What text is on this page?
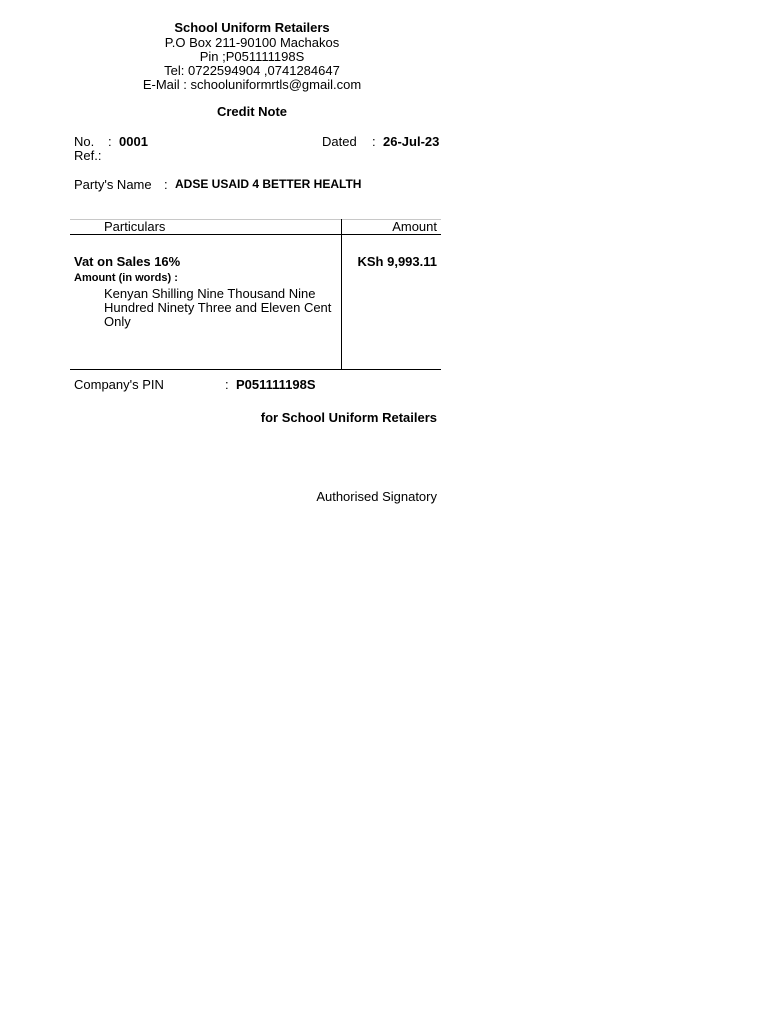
School Uniform Retailers
P.O Box 211-90100 Machakos
Pin ;P051111198S
Tel: 0722594904 ,0741284647
E-Mail : schooluniformrtls@gmail.com
Credit Note
No. : 0001
Ref.:
Dated : 26-Jul-23
Party's Name : ADSE USAID 4 BETTER HEALTH
Particulars	Amount
Vat on Sales 16%	KSh 9,993.11
Amount (in words) :
Kenyan Shilling Nine Thousand Nine Hundred Ninety Three and Eleven Cent Only
Company's PIN	: P051111198S
for School Uniform Retailers
Authorised Signatory
